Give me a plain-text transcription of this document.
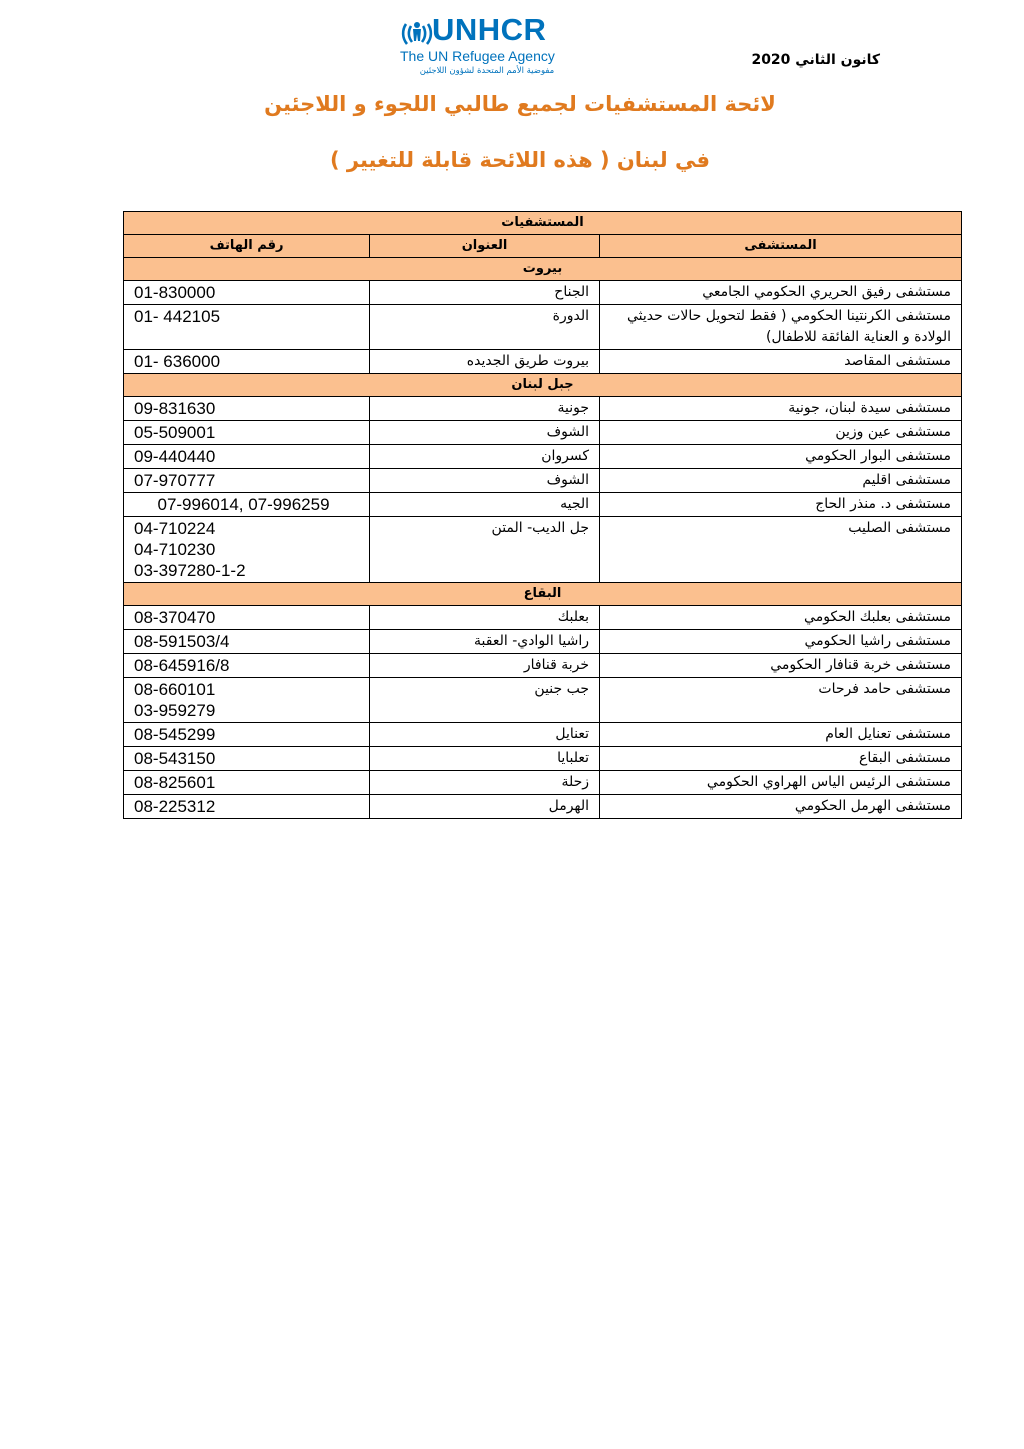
UNHCR
The UN Refugee Agency
مفوضية الأمم المتحدة لشؤون اللاجئين
كانون الثاني 2020
لائحة المستشفيات لجميع طالبي اللجوء و اللاجئين
في لبنان ( هذه اللائحة قابلة للتغيير )
المستشفيات		
المستشفى	العنوان	رقم الهاتف
بيروت		
مستشفى رفيق الحريري الحكومي الجامعي	الجناح	01-830000

مستشفى الكرنتينا الحكومي ( فقط لتحويل حالات حديثي الولادة و العناية الفائقة للاطفال)	الدورة	01- 442105

مستشفى المقاصد	بيروت طريق الجديده	01- 636000

جبل لبنان		
مستشفى سيدة لبنان، جونية	جونية	09-831630

مستشفى عين وزين	الشوف	05-509001

مستشفى البوار الحكومي	كسروان	09-440440

مستشفى اقليم	الشوف	07-970777

مستشفى د. منذر الحاج	الجيه	07-996014, 07-996259

مستشفى الصليب	جل الديب- المتن	04-710224
04-710230
03-397280-1-2

البقاع		
مستشفى بعلبك الحكومي	بعلبك	08-370470

مستشفى راشيا الحكومي	راشيا الوادي- العقبة	08-591503/4

مستشفى خربة قنافار الحكومي	خربة قنافار	08-645916/8

مستشفى حامد فرحات	جب جنين	08-660101
03-959279

مستشفى تعنايل العام	تعنايل	08-545299

مستشفى البقاع	تعلبايا	08-543150

مستشفى الرئيس الياس الهراوي الحكومي	زحلة	08-825601

مستشفى الهرمل الحكومي	الهرمل	08-225312
